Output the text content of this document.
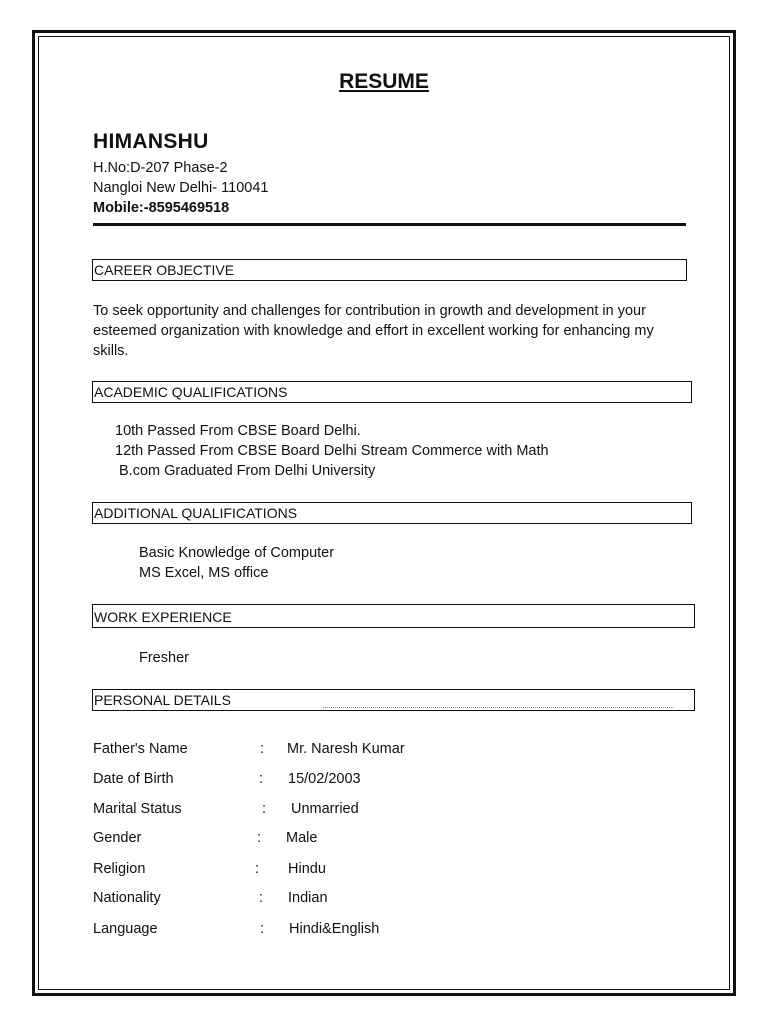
RESUME
HIMANSHU
H.No:D-207 Phase-2
Nangloi New Delhi- 110041
Mobile:-8595469518
CAREER OBJECTIVE
To seek opportunity and challenges for contribution in growth and development in your esteemed organization with knowledge and effort in excellent working for enhancing my skills.
ACADEMIC QUALIFICATIONS
10th Passed From CBSE Board Delhi.
12th Passed From CBSE Board Delhi Stream Commerce with Math
B.com Graduated From Delhi University
ADDITIONAL QUALIFICATIONS
Basic Knowledge of Computer
MS Excel, MS office
WORK EXPERIENCE
Fresher
PERSONAL DETAILS
Father's Name	: Mr. Naresh Kumar
Date of Birth	: 15/02/2003
Marital Status	: Unmarried
Gender	: Male
Religion	: Hindu
Nationality	: Indian
Language	: Hindi&English
